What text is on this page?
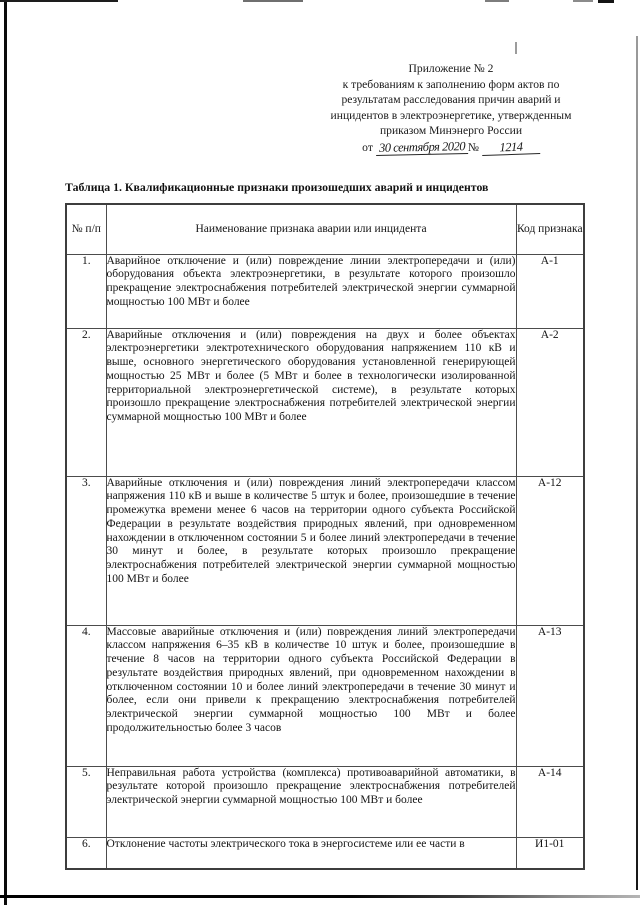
Приложение № 2
к требованиям к заполнению форм актов по
результатам расследования причин аварий и
инцидентов в электроэнергетике, утвержденным
приказом Минэнерго России
от 30 сентября 2020 № 1214
Таблица 1. Квалификационные признаки произошедших аварий и инцидентов
№ п/п	Наименование признака аварии или инцидента	Код признака
1.	Аварийное отключение и (или) повреждение линии электропередачи и (или) оборудования объекта электроэнергетики, в результате которого произошло прекращение электроснабжения потребителей электрической энергии суммарной мощностью 100 МВт и более	А-1
2.	Аварийные отключения и (или) повреждения на двух и более объектах электроэнергетики электротехнического оборудования напряжением 110 кВ и выше, основного энергетического оборудования установленной генерирующей мощностью 25 МВт и более (5 МВт и более в технологически изолированной территориальной электроэнергетической системе), в результате которых произошло прекращение электроснабжения потребителей электрической энергии суммарной мощностью 100 МВт и более	А-2
3.	Аварийные отключения и (или) повреждения линий электропередачи классом напряжения 110 кВ и выше в количестве 5 штук и более, произошедшие в течение промежутка времени менее 6 часов на территории одного субъекта Российской Федерации в результате воздействия природных явлений, при одновременном нахождении в отключенном состоянии 5 и более линий электропередачи в течение 30 минут и более, в результате которых произошло прекращение электроснабжения потребителей электрической энергии суммарной мощностью 100 МВт и более	А-12
4.	Массовые аварийные отключения и (или) повреждения линий электропередачи классом напряжения 6–35 кВ в количестве 10 штук и более, произошедшие в течение 8 часов на территории одного субъекта Российской Федерации в результате воздействия природных явлений, при одновременном нахождении в отключенном состоянии 10 и более линий электропередачи в течение 30 минут и более, если они привели к прекращению электроснабжения потребителей электрической энергии суммарной мощностью 100 МВт и более продолжительностью более 3 часов	А-13
5.	Неправильная работа устройства (комплекса) противоаварийной автоматики, в результате которой произошло прекращение электроснабжения потребителей электрической энергии суммарной мощностью 100 МВт и более	А-14
6.	Отклонение частоты электрического тока в энергосистеме или ее части в	И1-01
